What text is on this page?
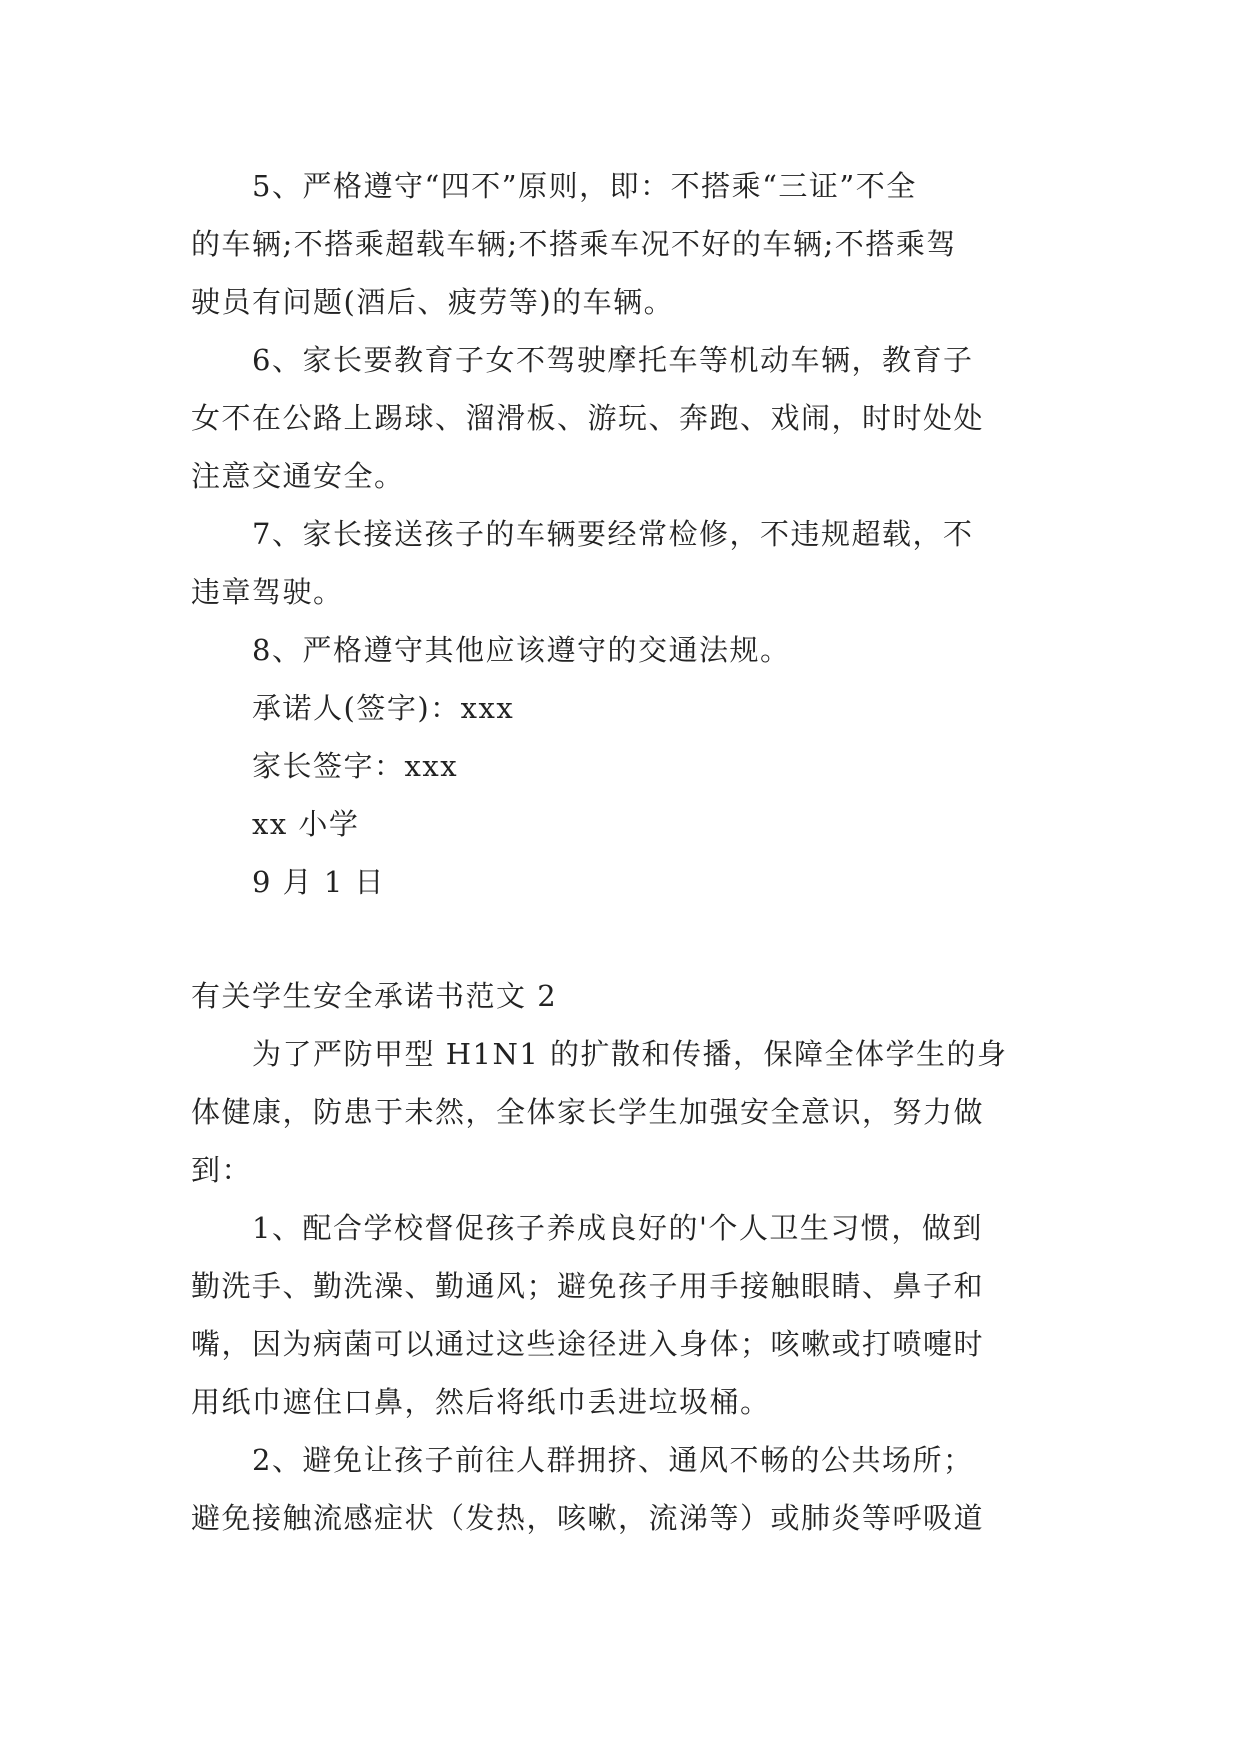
　　5、严格遵守“四不”原则，即：不搭乘“三证”不全
的车辆;不搭乘超载车辆;不搭乘车况不好的车辆;不搭乘驾
驶员有问题(酒后、疲劳等)的车辆。
　　6、家长要教育子女不驾驶摩托车等机动车辆，教育子
女不在公路上踢球、溜滑板、游玩、奔跑、戏闹，时时处处
注意交通安全。
　　7、家长接送孩子的车辆要经常检修，不违规超载，不
违章驾驶。
　　8、严格遵守其他应该遵守的交通法规。
　　承诺人(签字)：xxx
　　家长签字：xxx
　　xx 小学
　　9 月 1 日
有关学生安全承诺书范文 2
　　为了严防甲型 H1N1 的扩散和传播，保障全体学生的身
体健康，防患于未然，全体家长学生加强安全意识，努力做
到：
　　1、配合学校督促孩子养成良好的'个人卫生习惯，做到
勤洗手、勤洗澡、勤通风；避免孩子用手接触眼睛、鼻子和
嘴，因为病菌可以通过这些途径进入身体；咳嗽或打喷嚏时
用纸巾遮住口鼻，然后将纸巾丢进垃圾桶。
　　2、避免让孩子前往人群拥挤、通风不畅的公共场所；
避免接触流感症状（发热，咳嗽，流涕等）或肺炎等呼吸道
